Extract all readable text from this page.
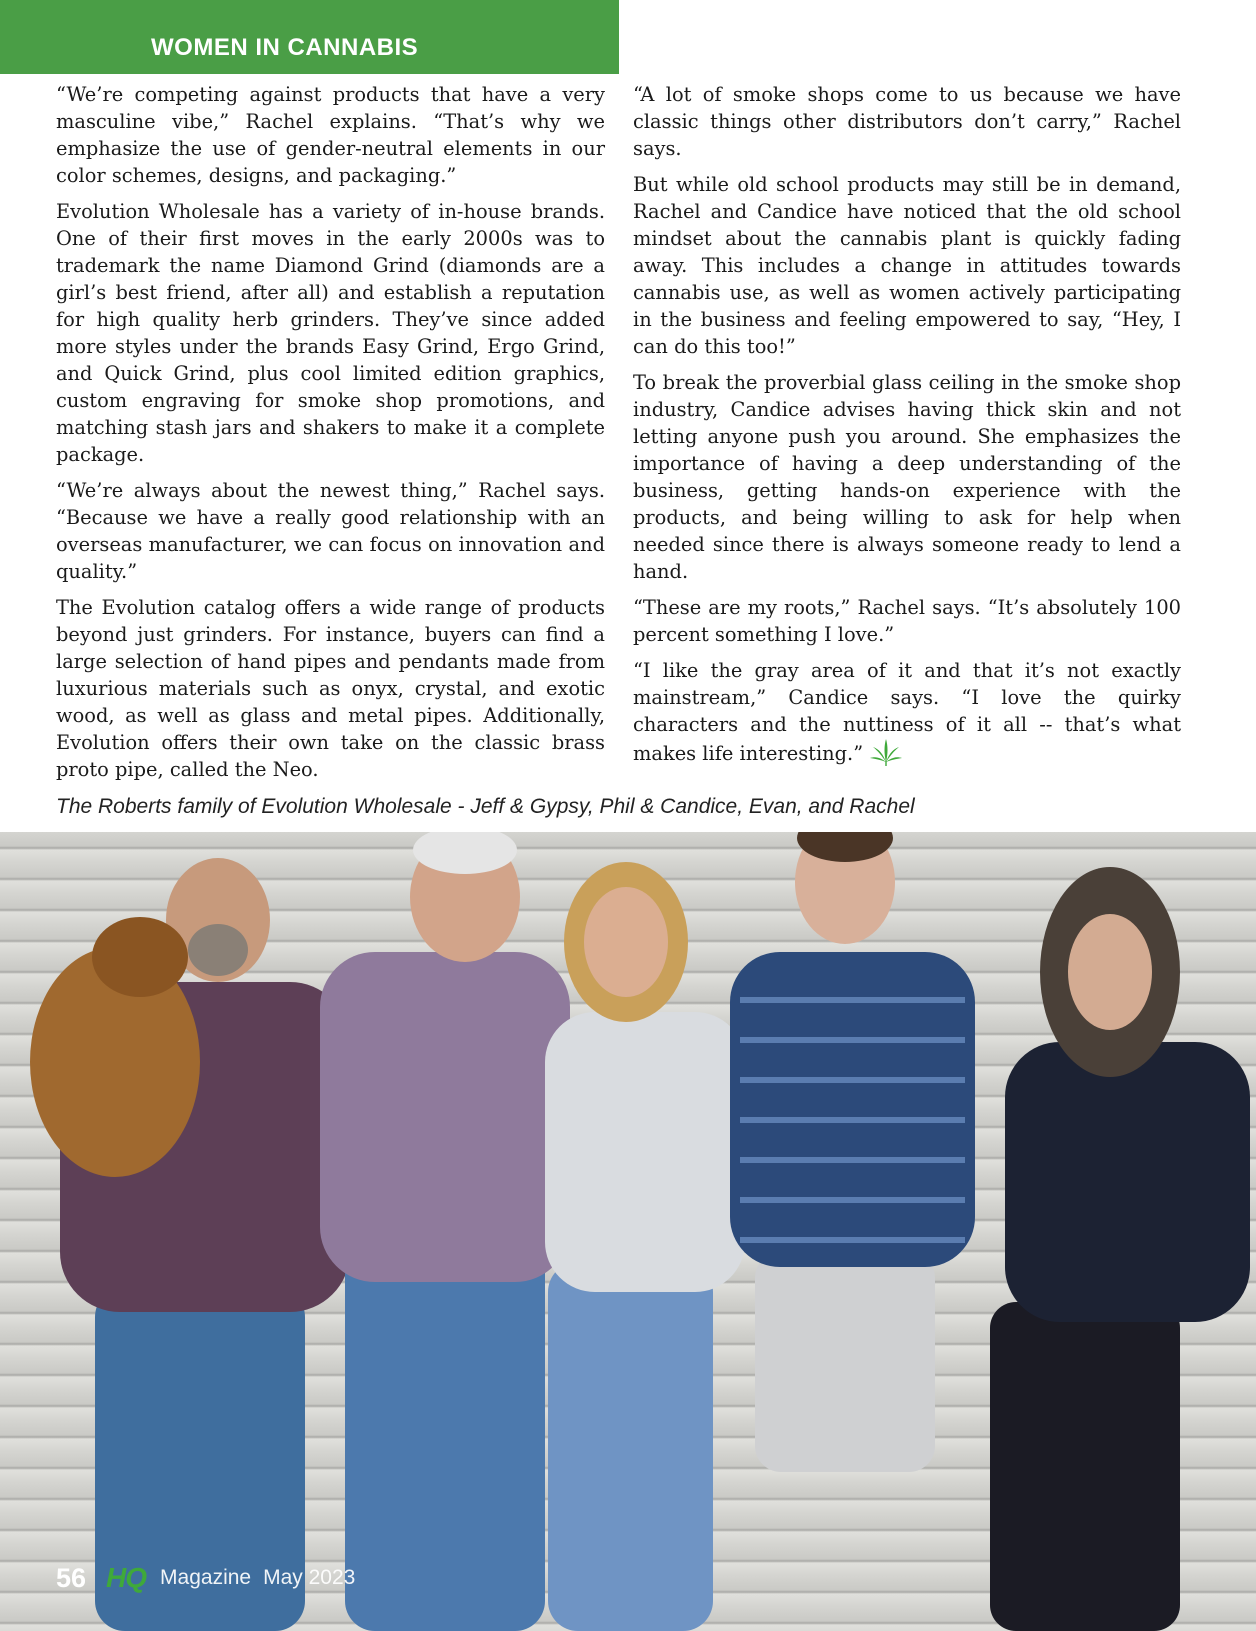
WOMEN IN CANNABIS

“We’re competing against products that have a very masculine vibe,” Rachel explains. “That’s why we emphasize the use of gender-neutral elements in our color schemes, designs, and packaging.”

Evolution Wholesale has a variety of in-house brands. One of their first moves in the early 2000s was to trademark the name Diamond Grind (diamonds are a girl’s best friend, after all) and establish a reputation for high quality herb grinders. They’ve since added more styles under the brands Easy Grind, Ergo Grind, and Quick Grind, plus cool limited edition graphics, custom engraving for smoke shop promotions, and matching stash jars and shakers to make it a complete package.

“We’re always about the newest thing,” Rachel says. “Because we have a really good relationship with an overseas manufacturer, we can focus on innovation and quality.”

The Evolution catalog offers a wide range of products beyond just grinders. For instance, buyers can find a large selection of hand pipes and pendants made from luxurious materials such as onyx, crystal, and exotic wood, as well as glass and metal pipes. Additionally, Evolution offers their own take on the classic brass proto pipe, called the Neo.

“A lot of smoke shops come to us because we have classic things other distributors don’t carry,” Rachel says.

But while old school products may still be in demand, Rachel and Candice have noticed that the old school mindset about the cannabis plant is quickly fading away. This includes a change in attitudes towards cannabis use, as well as women actively participating in the business and feeling empowered to say, “Hey, I can do this too!”

To break the proverbial glass ceiling in the smoke shop industry, Candice advises having thick skin and not letting anyone push you around. She emphasizes the importance of having a deep understanding of the business, getting hands-on experience with the products, and being willing to ask for help when needed since there is always someone ready to lend a hand.

“These are my roots,” Rachel says. “It’s absolutely 100 percent something I love.”

“I like the gray area of it and that it’s not exactly mainstream,” Candice says. “I love the quirky characters and the nuttiness of it all -- that’s what makes life interesting.”

The Roberts family of Evolution Wholesale - Jeff & Gypsy, Phil & Candice, Evan, and Rachel
56 HQ Magazine May 2023
